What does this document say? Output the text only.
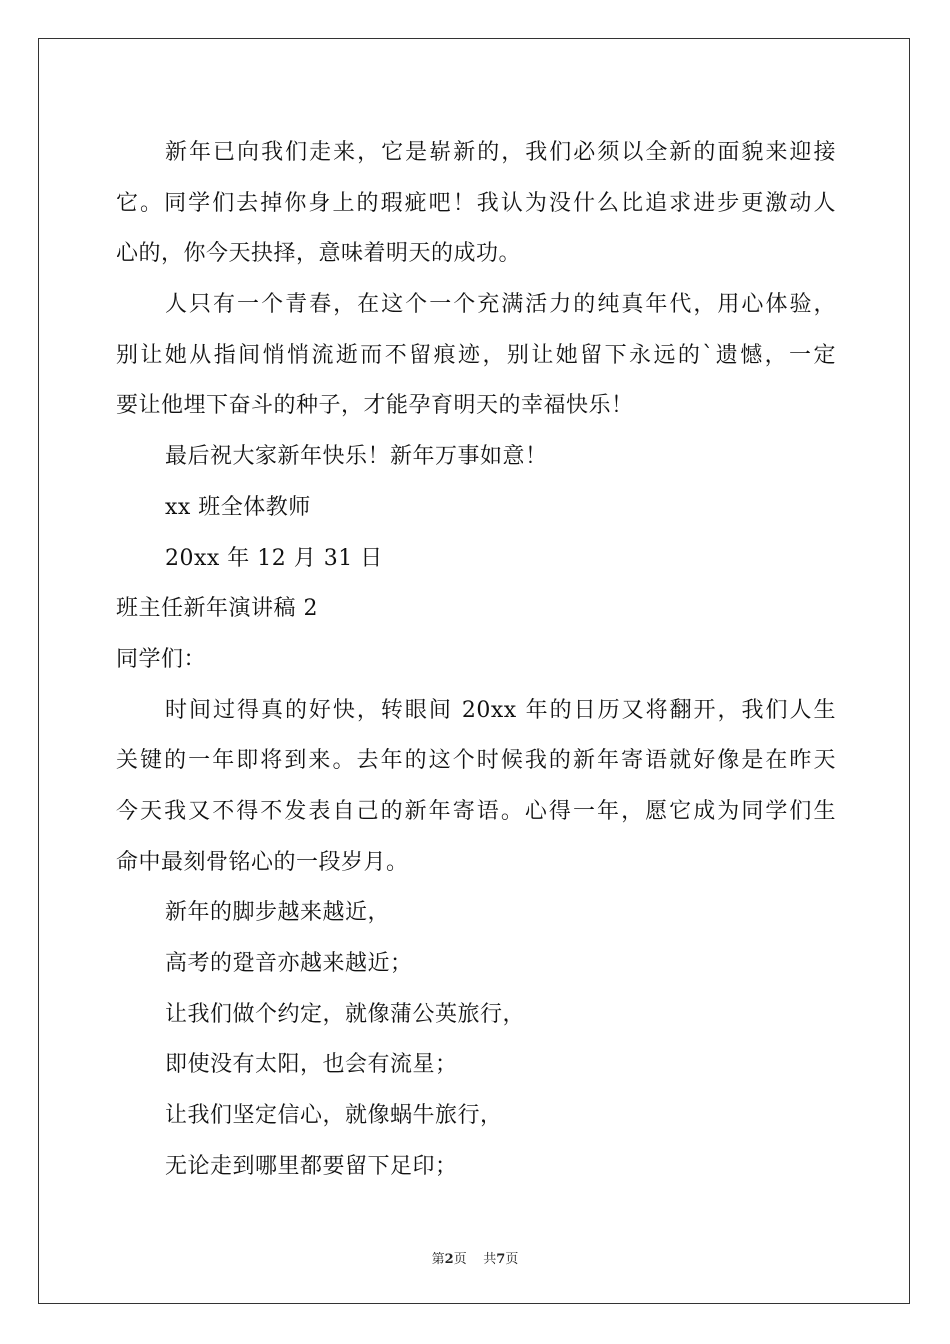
新年已向我们走来，它是崭新的，我们必须以全新的面貌来迎接
它。同学们去掉你身上的瑕疵吧！我认为没什么比追求进步更激动人
心的，你今天抉择，意味着明天的成功。
人只有一个青春，在这个一个充满活力的纯真年代，用心体验，
别让她从指间悄悄流逝而不留痕迹，别让她留下永远的`遗憾，一定
要让他埋下奋斗的种子，才能孕育明天的幸福快乐！
最后祝大家新年快乐！新年万事如意！
xx 班全体教师
20xx 年 12 月 31 日
班主任新年演讲稿 2
同学们：
时间过得真的好快，转眼间 20xx 年的日历又将翻开，我们人生
关键的一年即将到来。去年的这个时候我的新年寄语就好像是在昨天
今天我又不得不发表自己的新年寄语。心得一年，愿它成为同学们生
命中最刻骨铭心的一段岁月。
新年的脚步越来越近，
高考的跫音亦越来越近；
让我们做个约定，就像蒲公英旅行，
即使没有太阳，也会有流星；
让我们坚定信心，就像蜗牛旅行，
无论走到哪里都要留下足印；
第2页 共7页
